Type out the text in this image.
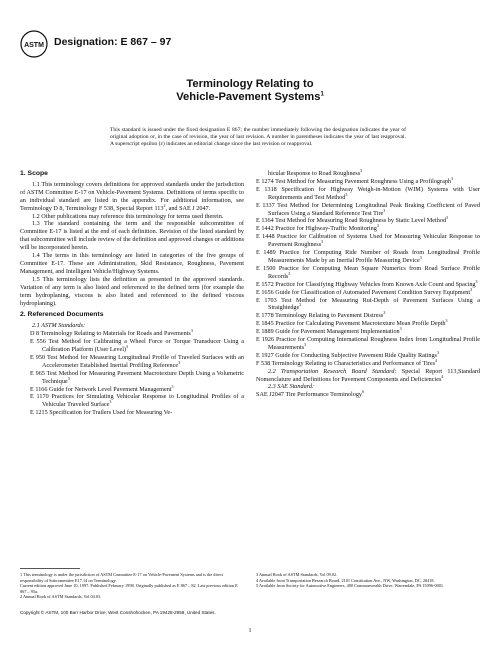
ASTM Designation: E 867 – 97
Terminology Relating to
Vehicle-Pavement Systems$^1$
This standard is issued under the fixed designation E 867; the number immediately following the designation indicates the year of original adoption or, in the case of revision, the year of last revision. A number in parentheses indicates the year of last reapproval. A superscript epsilon (ε) indicates an editorial change since the last revision or reapproval.

1. Scope

1.1 This terminology covers definitions for approved standards under the jurisdiction of ASTM Committee E-17 on Vehicle-Pavement Systems. Definitions of terms specific to an individual standard are listed in the appendix. For additional information, see Terminology D 8, Terminology F 538, Special Report $113^2$, and SAE J 2047.

1.2 Other publications may reference this terminology for terms used therein.

1.3 The standard containing the term and the responsible subcommittee of Committee E-17 is listed at the end of each definition. Revision of the listed standard by that subcommittee will include review of the definition and approved changes or additions will be incorporated herein.

1.4 The terms in this terminology are listed in categories of the five groups of Committee E-17. These are Administration, Skid Resistance, Roughness, Pavement Management, and Intelligent Vehicle/Highway Systems.

1.5 This terminology lists the definition as presented in the approved standards. Variation of any term is also listed and referenced to the defined term (for example the term hydroplaning, viscous is also listed and referenced to the defined viscous hydroplaning).

2. Referenced Documents

2.1 ASTM Standards:

D 8 Terminology Relating to Materials for Roads and Pavements$^3$

E 556 Test Method for Calibrating a Wheel Force or Torque Transducer Using a Calibration Platform (User Level)$^3$

E 950 Test Method for Measuring Longitudinal Profile of Traveled Surfaces with an Accelerometer Established Inertial Profiling Reference$^3$

E 965 Test Method for Measuring Pavement Macrotexture Depth Using a Volumetric Technique$^3$

E 1166 Guide for Network Level Pavement Management$^3$

E 1170 Practices for Simulating Vehicular Response to Longitudinal Profiles of a Vehicular Traveled Surface$^3$

E 1215 Specification for Trailers Used for Measuring Ve-

hicular Response to Road Roughness$^3$

E 1274 Test Method for Measuring Pavement Roughness Using a Profilograph$^3$

E 1318 Specification for Highway Weigh-in-Motion (WIM) Systems with User Requirements and Test Method$^3$

E 1337 Test Method for Determining Longitudinal Peak Braking Coefficient of Paved Surfaces Using a Standard Reference Test Tire$^3$

E 1364 Test Method for Measuring Road Roughness by Static Level Method$^3$

E 1442 Practice for Highway-Traffic Monitoring$^3$

E 1448 Practice for Calibration of Systems Used for Measuring Vehicular Response to Pavement Roughness$^3$

E 1489 Practice for Computing Ride Number of Roads from Longitudinal Profile Measurements Made by an Inertial Profile Measuring Device$^3$

E 1500 Practice for Computing Mean Square Numerics from Road Surface Profile Records$^3$

E 1572 Practice for Classifying Highway Vehicles from Known Axle Count and Spacing$^3$

E 1656 Guide for Classification of Automated Pavement Condition Survey Equipment$^3$

E 1703 Test Method for Measuring Rut-Depth of Pavement Surfaces Using a Straightedge$^3$

E 1778 Terminology Relating to Pavement Distress$^3$

E 1845 Practice for Calculating Pavement Macrotexture Mean Profile Depth$^3$

E 1889 Guide for Pavement Management Implementation$^3$

E 1926 Practice for Computing International Roughness Index from Longitudinal Profile Measurements$^3$

E 1927 Guide for Conducting Subjective Pavement Ride Quality Ratings$^3$

F 538 Terminology Relating to Characteristics and Performance of Tires$^4$

2.2 Transportation Research Board Standard: Special Report 113,Standard Nomenclature and Definitions for Pavement Components and Deficiencies$^4$

2.3 SAE Standard:

SAE J2047 Tire Performance Terminology$^6$

1 This terminology is under the jurisdiction of ASTM Committee E-17 on Vehicle-Pavement Systems and is the direct responsibility of Subcommittee E17.14 on Terminology.

Current edition approved June 10, 1997. Published February 1998. Originally published as E 867 – 82. Last previous edition E 867 – 95a.

2 Annual Book of ASTM Standards, Vol 04.03.

3 Annual Book of ASTM Standards, Vol 09.02.

4 Available from Transportation Research Board, 2101 Constitution Ave., NW, Washington, DC, 20418.

5 Available from Society for Automotive Engineers, 400 Commonwealth Drive, Warrendale, PA 15096-0001.

Copyright © ASTM, 100 Barr Harbor Drive, West Conshohocken, PA 19428-2959, United States.
1
